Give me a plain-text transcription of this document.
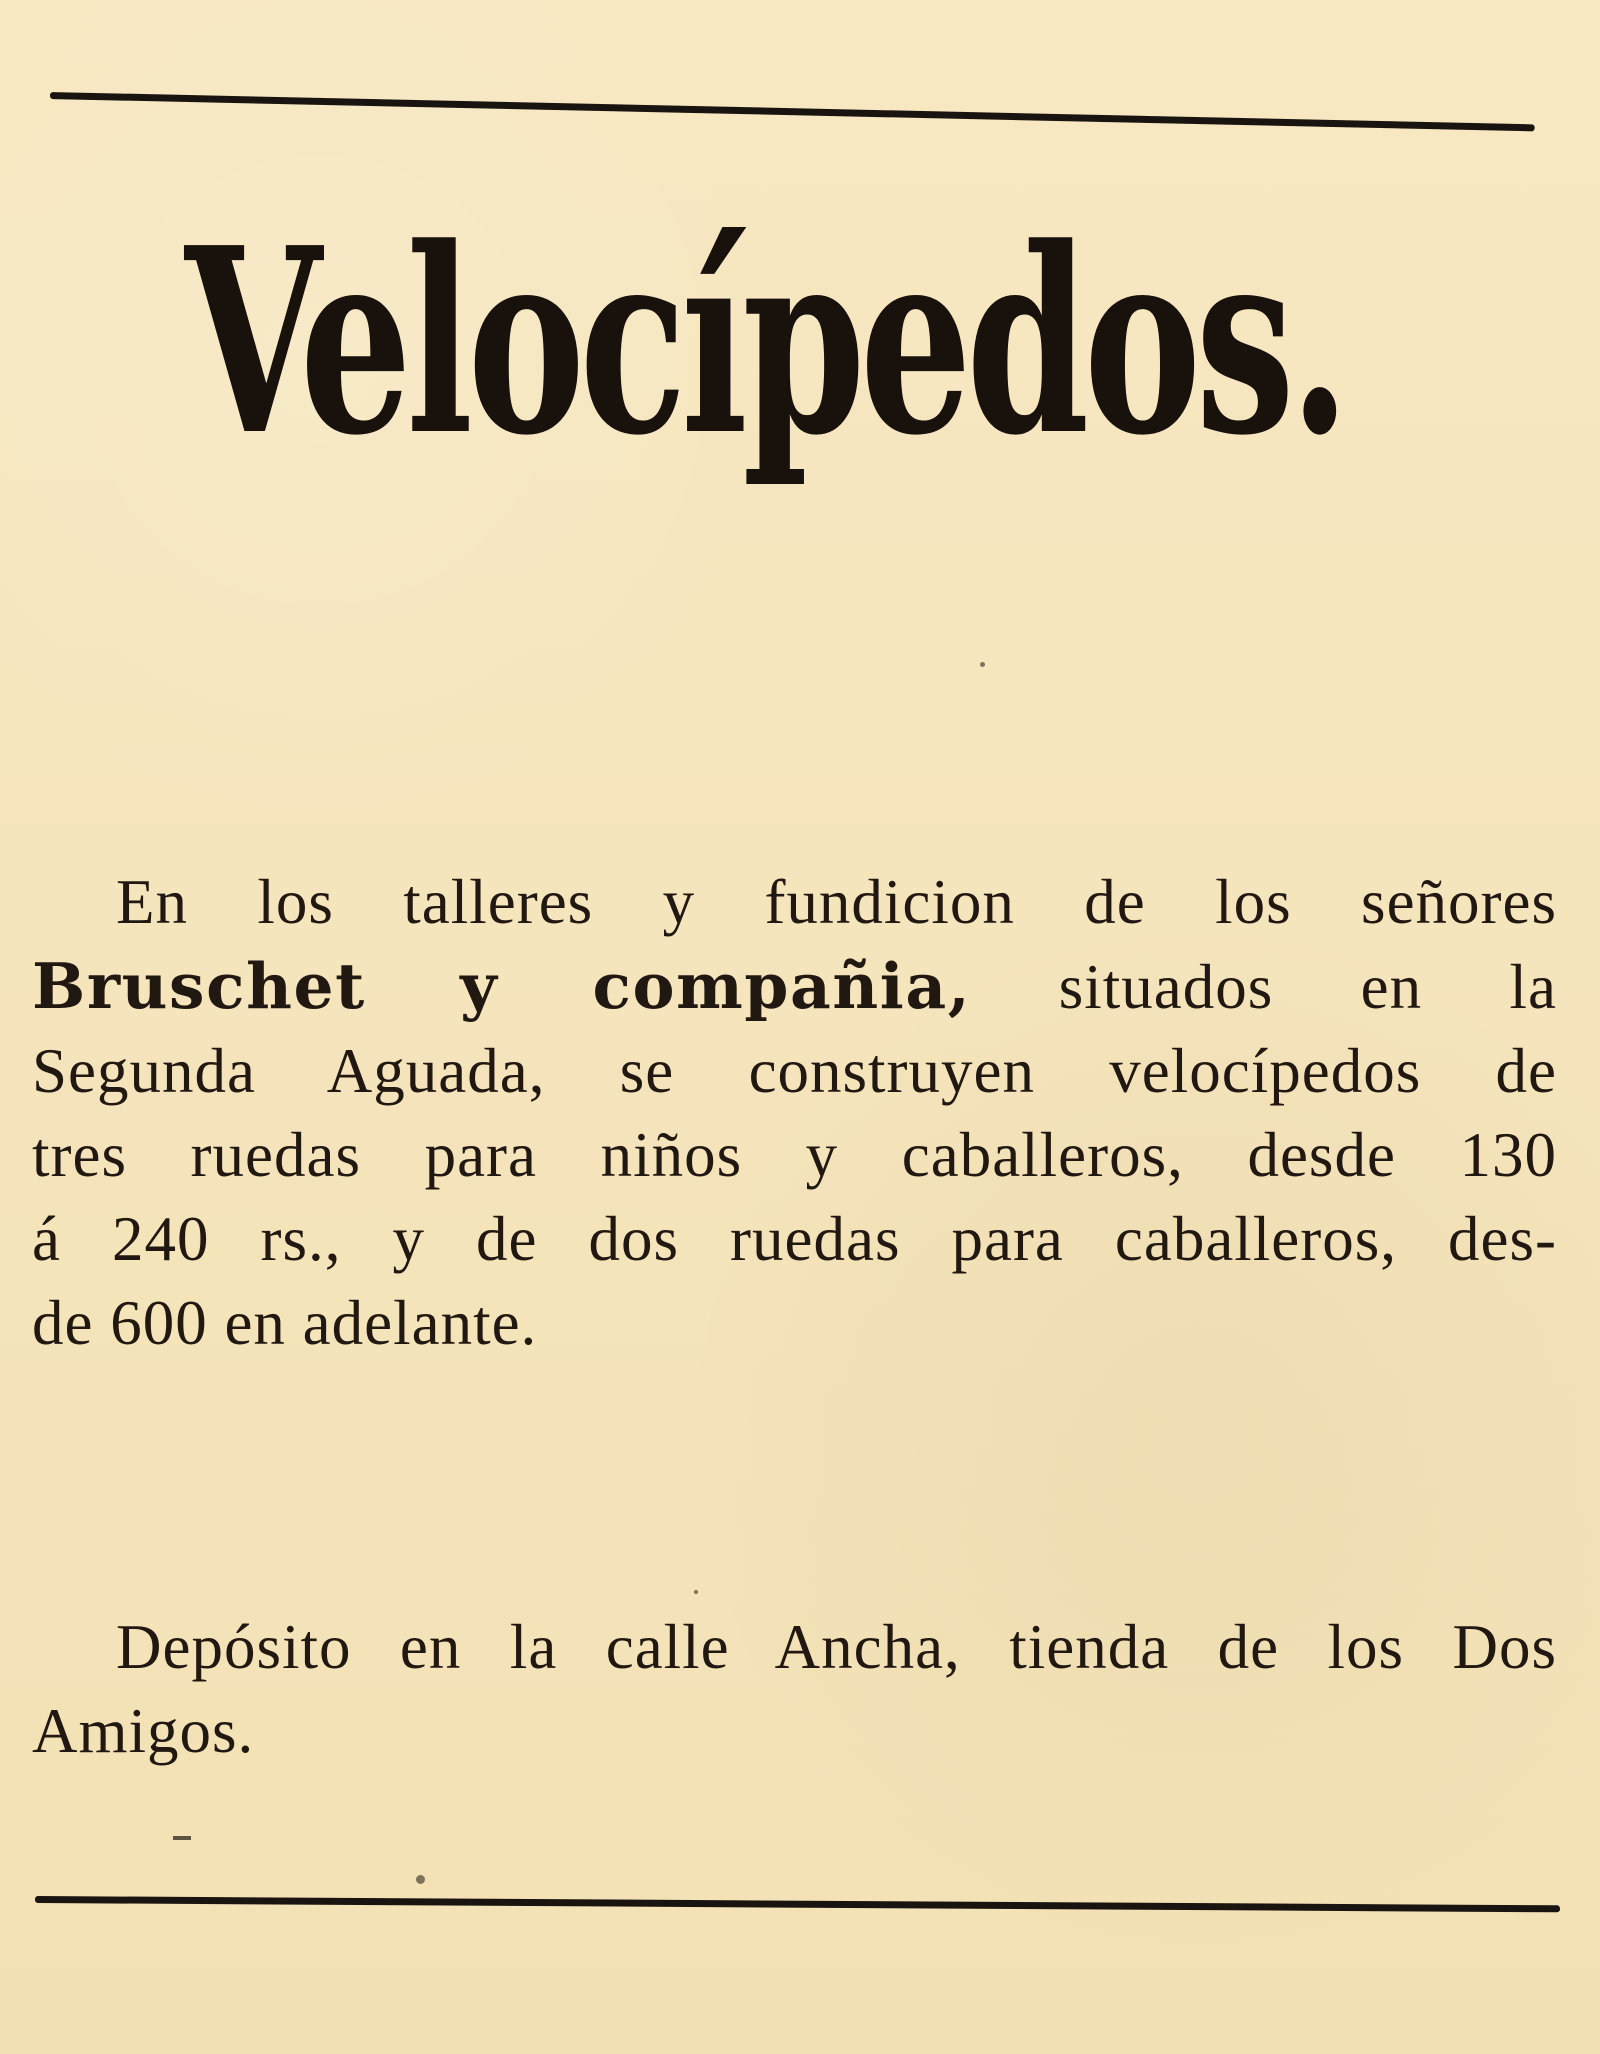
Velocípedos.
En los talleres y fundicion de los señores
Bruschet y compañia, situados en la
Segunda Aguada, se construyen velocípedos de
tres ruedas para niños y caballeros, desde 130
á 240 rs., y de dos ruedas para caballeros, des-
de 600 en adelante.
Depósito en la calle Ancha, tienda de los Dos
Amigos.
